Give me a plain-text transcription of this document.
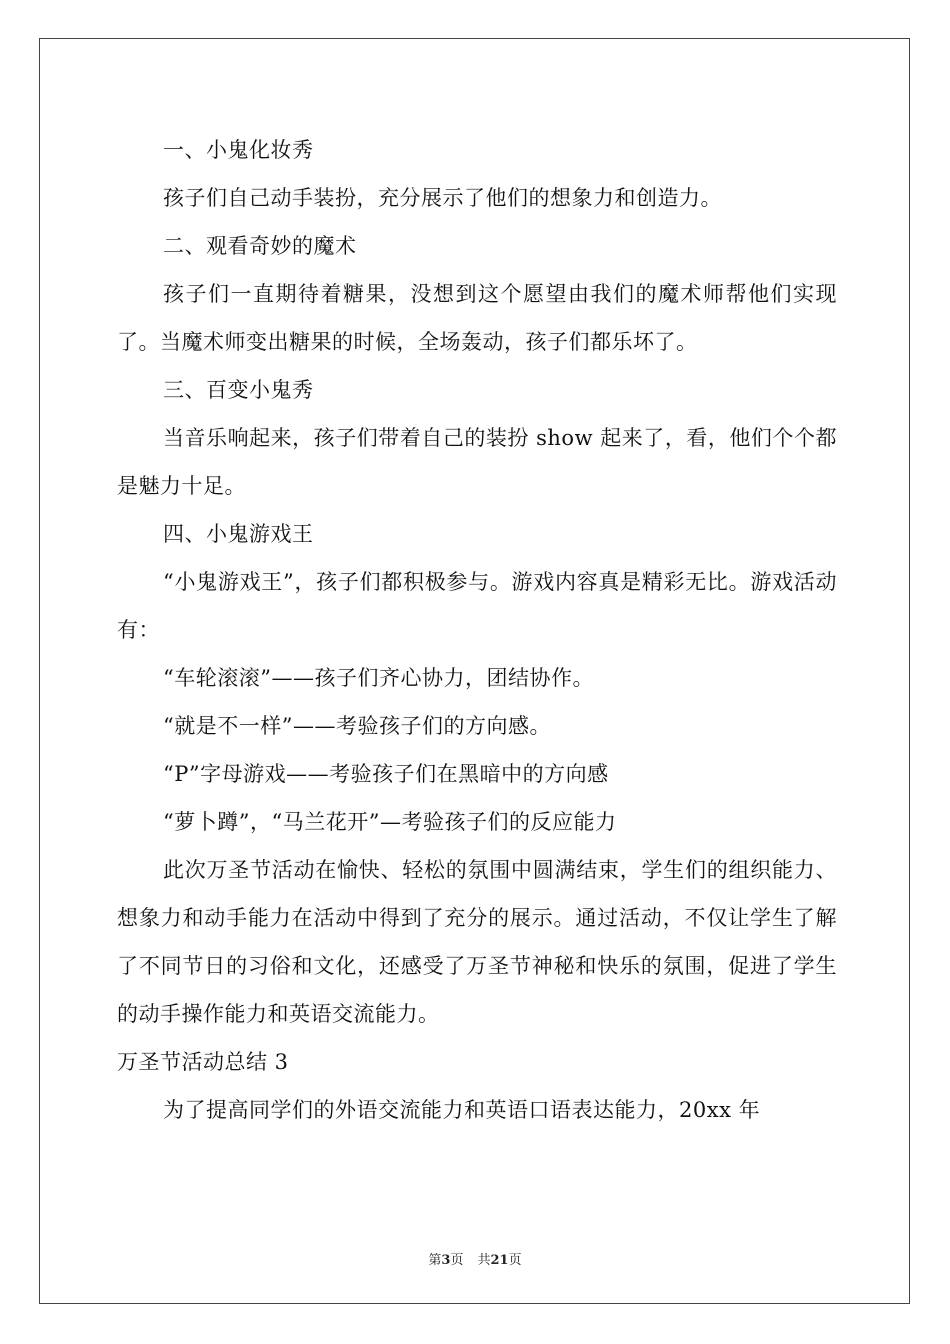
一、小鬼化妆秀

孩子们自己动手装扮，充分展示了他们的想象力和创造力。

二、观看奇妙的魔术

孩子们一直期待着糖果，没想到这个愿望由我们的魔术师帮他们实现了。当魔术师变出糖果的时候，全场轰动，孩子们都乐坏了。

三、百变小鬼秀

当音乐响起来，孩子们带着自己的装扮 show 起来了，看，他们个个都是魅力十足。

四、小鬼游戏王

“小鬼游戏王”，孩子们都积极参与。游戏内容真是精彩无比。游戏活动有：

“车轮滚滚”——孩子们齐心协力，团结协作。

“就是不一样”——考验孩子们的方向感。

“P”字母游戏——考验孩子们在黑暗中的方向感

“萝卜蹲”，“马兰花开”—考验孩子们的反应能力

此次万圣节活动在愉快、轻松的氛围中圆满结束，学生们的组织能力、想象力和动手能力在活动中得到了充分的展示。通过活动，不仅让学生了解了不同节日的习俗和文化，还感受了万圣节神秘和快乐的氛围，促进了学生的动手操作能力和英语交流能力。

万圣节活动总结 3

为了提高同学们的外语交流能力和英语口语表达能力，20xx 年

第3页 共21页
